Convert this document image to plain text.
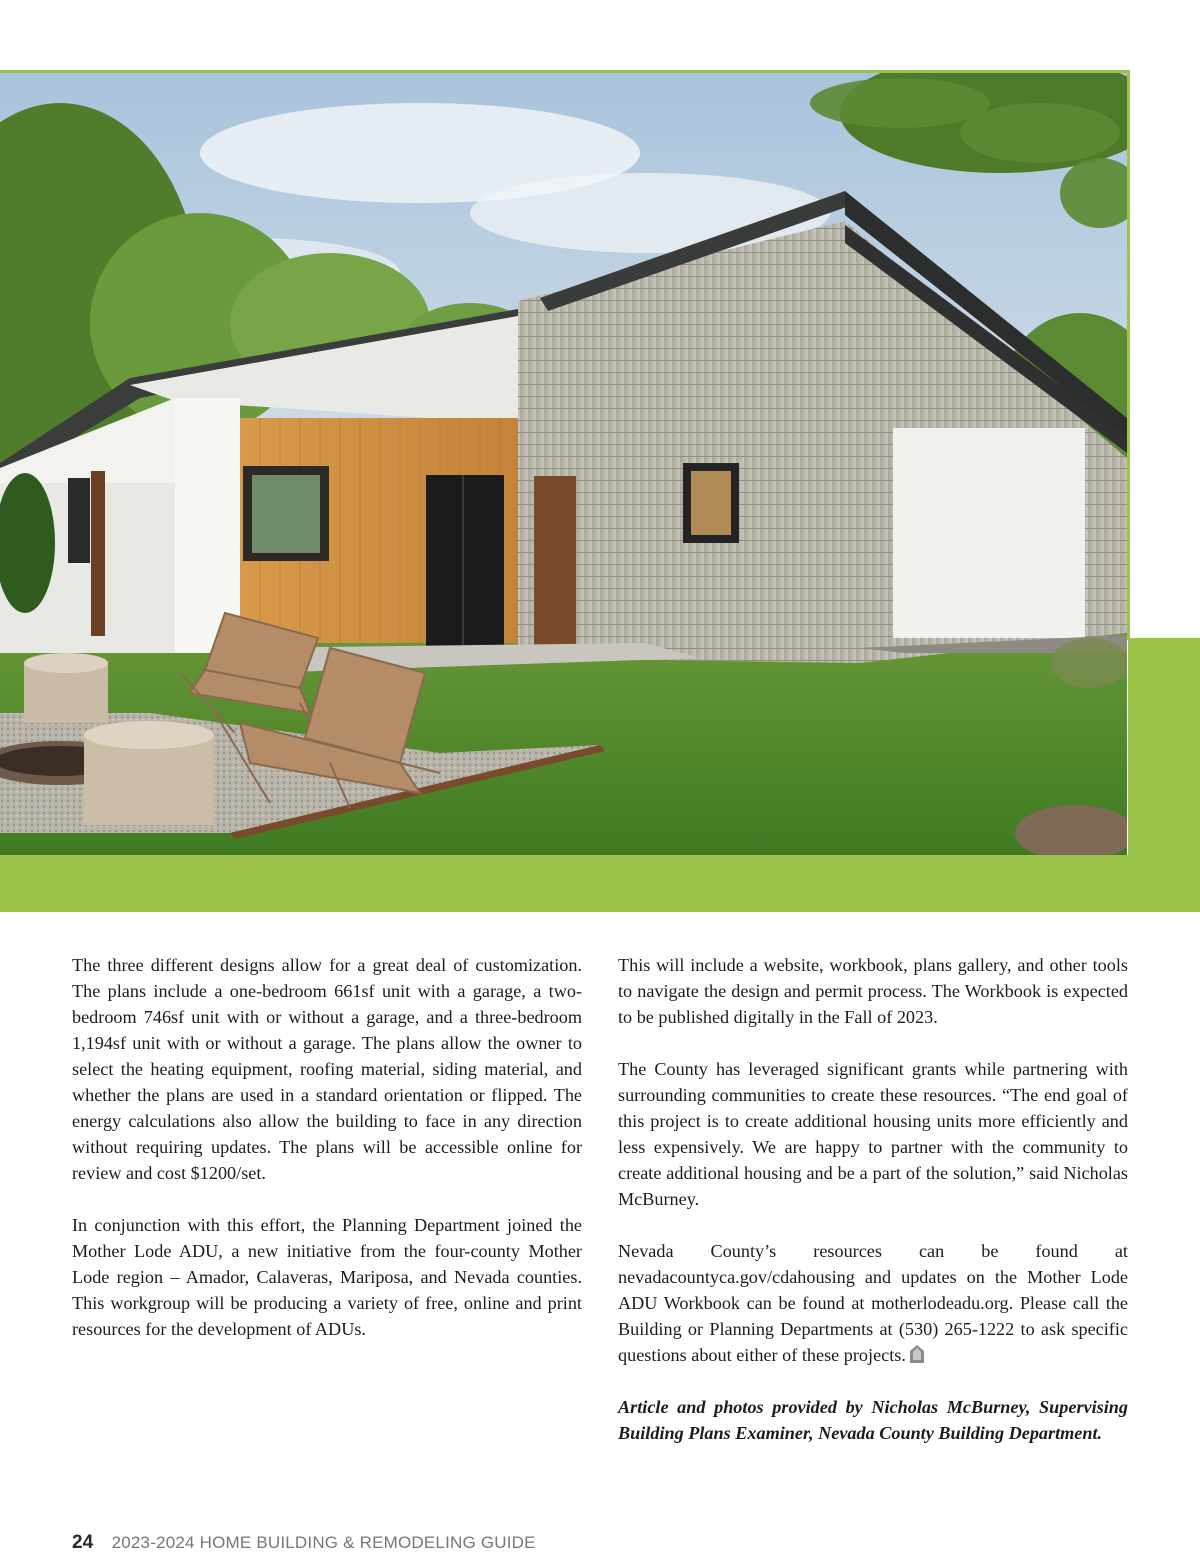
The three different designs allow for a great deal of customization. The plans include a one-bedroom 661sf unit with a garage, a two-bedroom 746sf unit with or without a garage, and a three-bedroom 1,194sf unit with or without a garage. The plans allow the owner to select the heating equipment, roofing material, siding material, and whether the plans are used in a standard orientation or flipped. The energy calculations also allow the building to face in any direction without requiring updates. The plans will be accessible online for review and cost $1200/set.

In conjunction with this effort, the Planning Department joined the Mother Lode ADU, a new initiative from the four-county Mother Lode region – Amador, Calaveras, Mariposa, and Nevada counties. This workgroup will be producing a variety of free, online and print resources for the development of ADUs.

This will include a website, workbook, plans gallery, and other tools to navigate the design and permit process. The Workbook is expected to be published digitally in the Fall of 2023.

The County has leveraged significant grants while partnering with surrounding communities to create these resources. “The end goal of this project is to create additional housing units more efficiently and less expensively. We are happy to partner with the community to create additional housing and be a part of the solution,” said Nicholas McBurney.

Nevada County’s resources can be found at nevadacountyca.gov/cdahousing and updates on the Mother Lode ADU Workbook can be found at motherlodeadu.org. Please call the Building or Planning Departments at (530) 265-1222 to ask specific questions about either of these projects.

Article and photos provided by Nicholas McBurney, Supervising Building Plans Examiner, Nevada County Building Department.

24 2023-2024 HOME BUILDING & REMODELING GUIDE
